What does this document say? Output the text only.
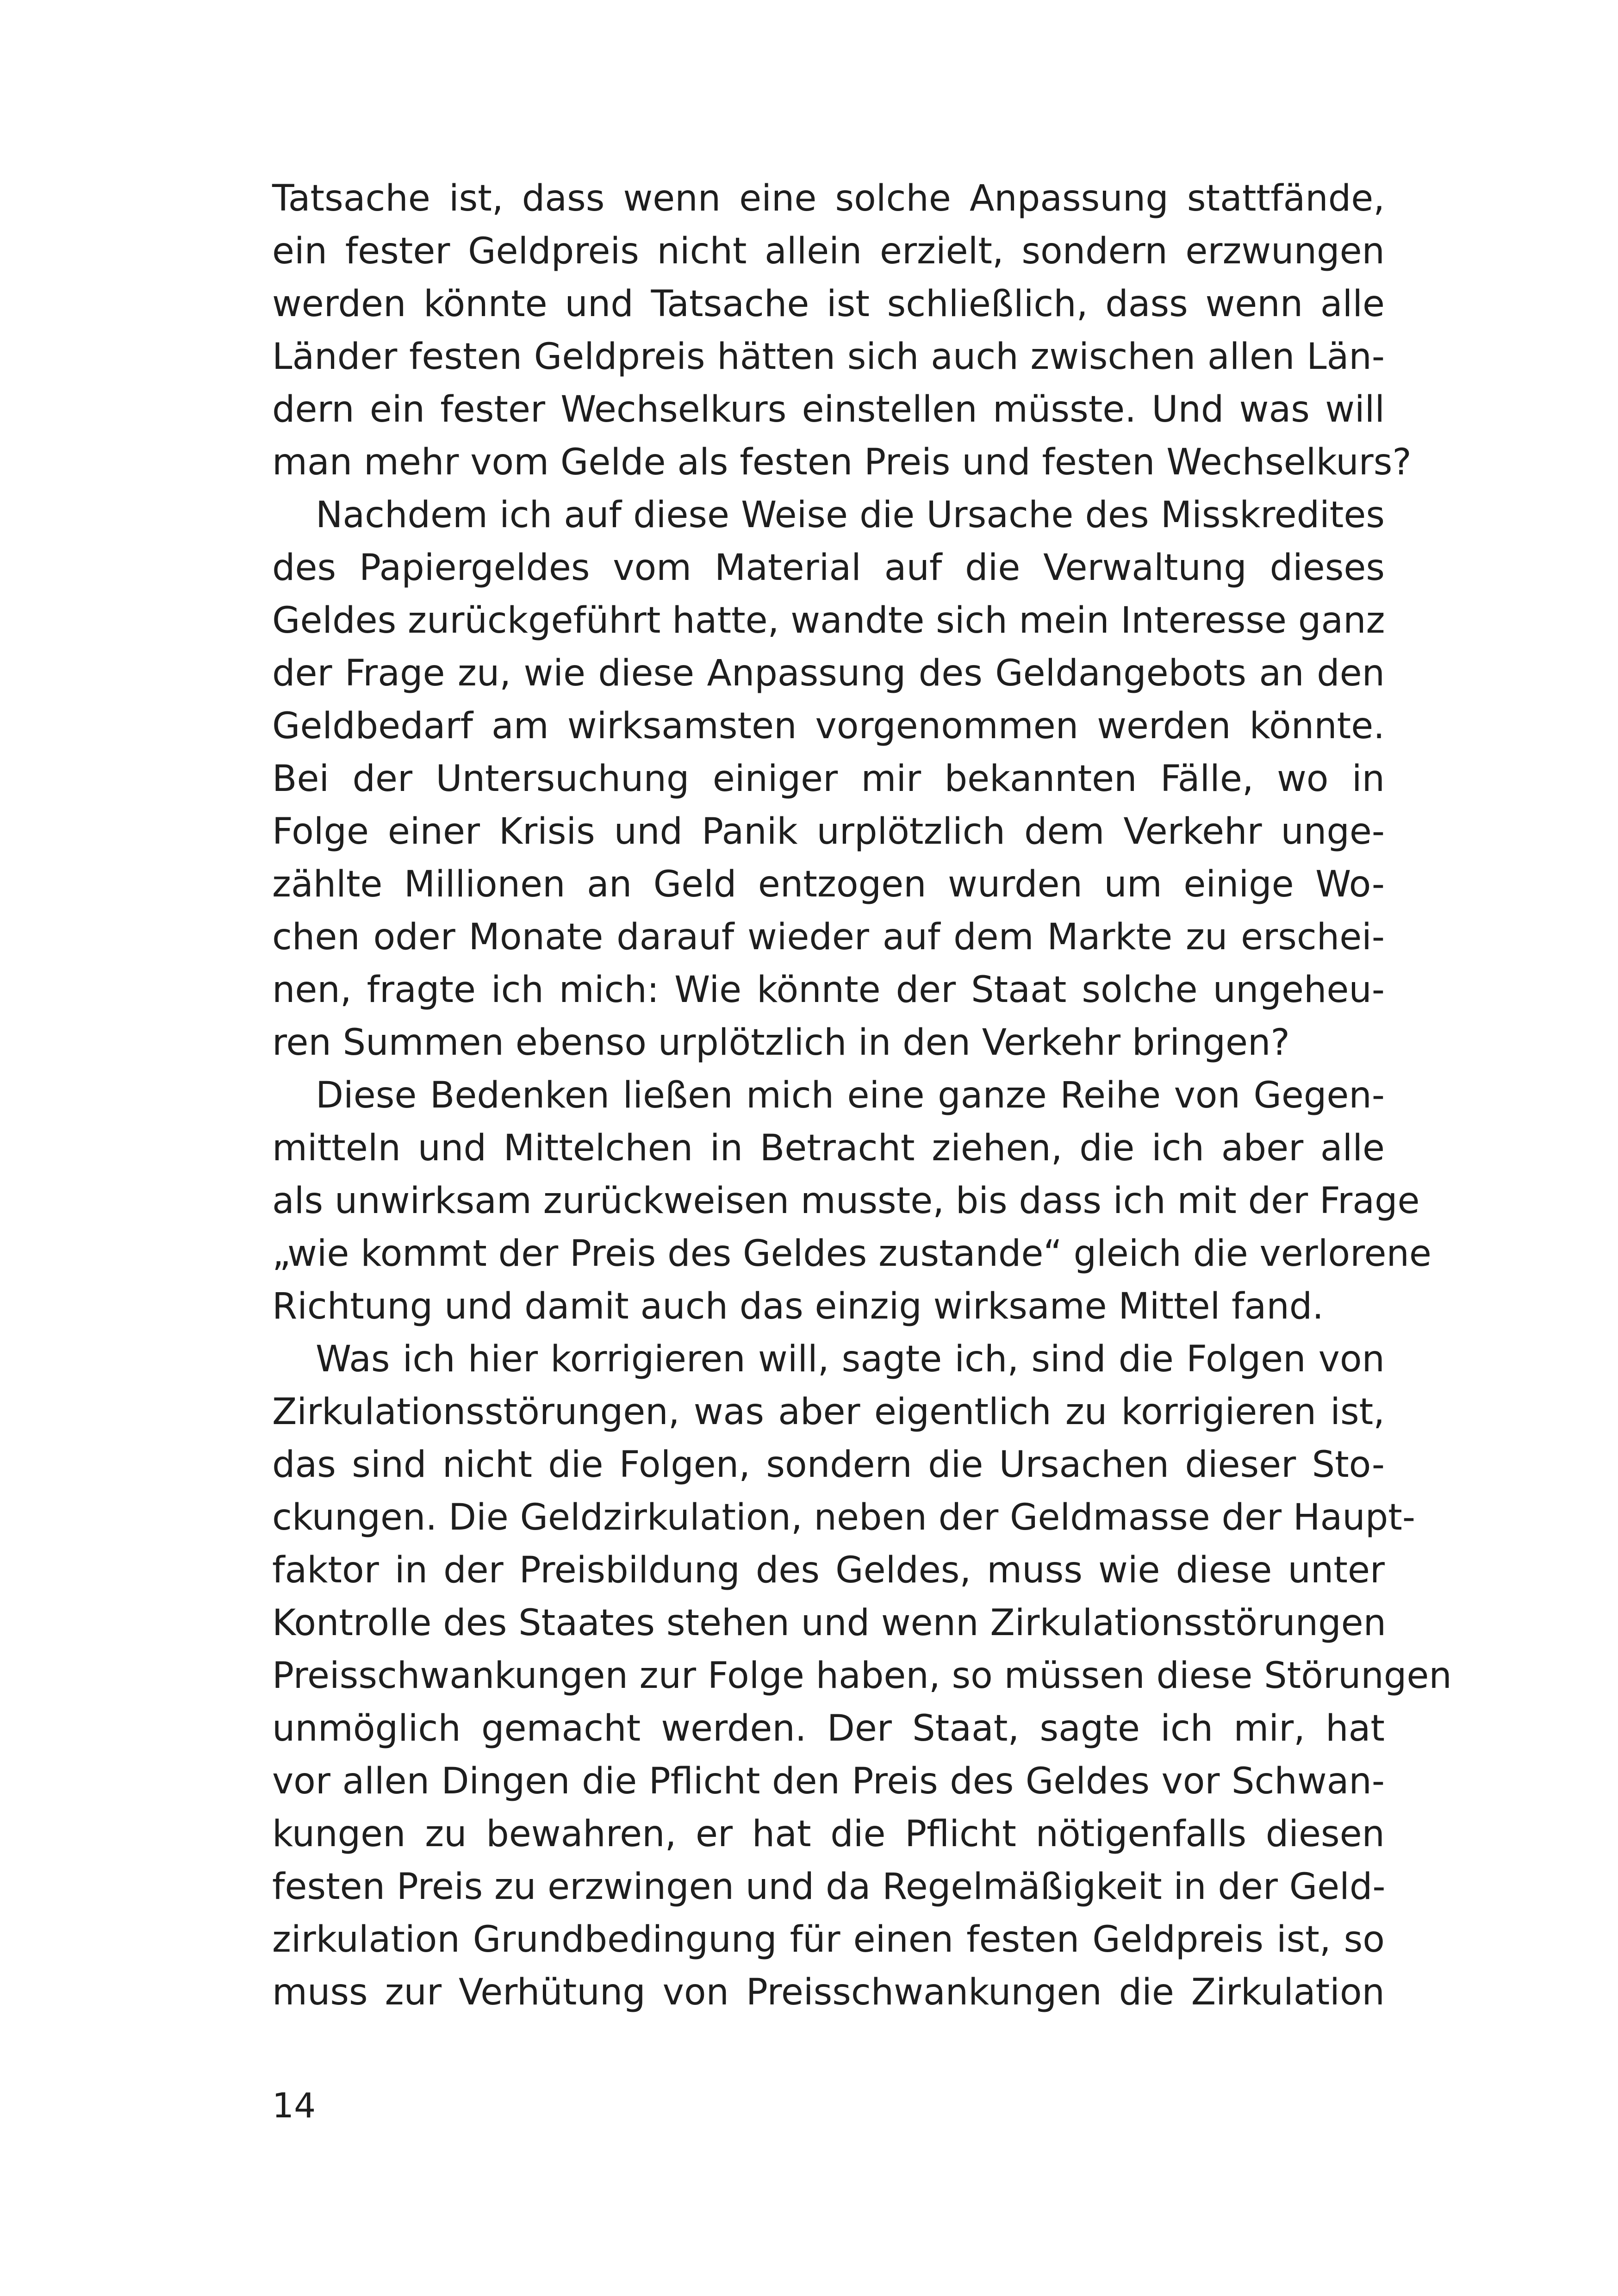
Tatsache ist, dass wenn eine solche Anpassung stattfände,
ein fester Geldpreis nicht allein erzielt, sondern erzwungen
werden könnte und Tatsache ist schließlich, dass wenn alle
Länder festen Geldpreis hätten sich auch zwischen allen Län-
dern ein fester Wechselkurs einstellen müsste. Und was will
man mehr vom Gelde als festen Preis und festen Wechselkurs?
Nachdem ich auf diese Weise die Ursache des Misskredites
des Papiergeldes vom Material auf die Verwaltung dieses
Geldes zurückgeführt hatte, wandte sich mein Interesse ganz
der Frage zu, wie diese Anpassung des Geldangebots an den
Geldbedarf am wirksamsten vorgenommen werden könnte.
Bei der Untersuchung einiger mir bekannten Fälle, wo in
Folge einer Krisis und Panik urplötzlich dem Verkehr unge-
zählte Millionen an Geld entzogen wurden um einige Wo-
chen oder Monate darauf wieder auf dem Markte zu erschei-
nen, fragte ich mich: Wie könnte der Staat solche ungeheu-
ren Summen ebenso urplötzlich in den Verkehr bringen?
Diese Bedenken ließen mich eine ganze Reihe von Gegen-
mitteln und Mittelchen in Betracht ziehen, die ich aber alle
als unwirksam zurückweisen musste, bis dass ich mit der Frage
„wie kommt der Preis des Geldes zustande“ gleich die verlorene
Richtung und damit auch das einzig wirksame Mittel fand.
Was ich hier korrigieren will, sagte ich, sind die Folgen von
Zirkulationsstörungen, was aber eigentlich zu korrigieren ist,
das sind nicht die Folgen, sondern die Ursachen dieser Sto-
ckungen. Die Geldzirkulation, neben der Geldmasse der Haupt-
faktor in der Preisbildung des Geldes, muss wie diese unter
Kontrolle des Staates stehen und wenn Zirkulationsstörungen
Preisschwankungen zur Folge haben, so müssen diese Störungen
unmöglich gemacht werden. Der Staat, sagte ich mir, hat
vor allen Dingen die Pflicht den Preis des Geldes vor Schwan-
kungen zu bewahren, er hat die Pflicht nötigenfalls diesen
festen Preis zu erzwingen und da Regelmäßigkeit in der Geld-
zirkulation Grundbedingung für einen festen Geldpreis ist, so
muss zur Verhütung von Preisschwankungen die Zirkulation
14
